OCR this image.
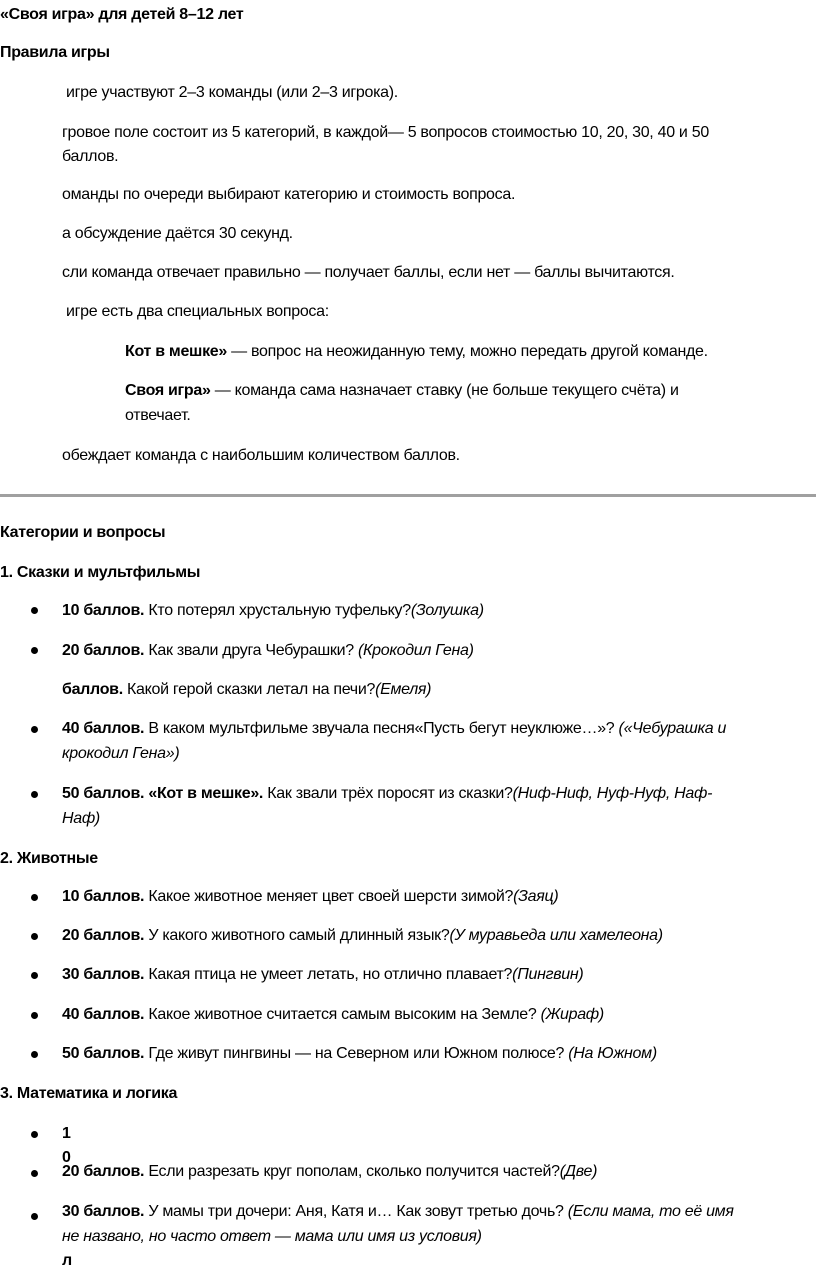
«Своя игра» для детей 8–12 лет
Правила игры
игре участвуют 2–3 команды (или 2–3 игрока).
гровое поле состоит из 5 категорий, в каждой— 5 вопросов стоимостью 10, 20, 30, 40 и 50
баллов.
оманды по очереди выбирают категорию и стоимость вопроса.
а обсуждение даётся 30 секунд.
сли команда отвечает правильно — получает баллы, если нет — баллы вычитаются.
игре есть два специальных вопроса:
Кот в мешке» — вопрос на неожиданную тему, можно передать другой команде.
Своя игра» — команда сама назначает ставку (не больше текущего счёта) и
отвечает.
обеждает команда с наибольшим количеством баллов.
Категории и вопросы
1. Сказки и мультфильмы
10 баллов. Кто потерял хрустальную туфельку?(Золушка)
20 баллов. Как звали друга Чебурашки? (Крокодил Гена)
баллов. Какой герой сказки летал на печи?(Емеля)
40 баллов. В каком мультфильме звучала песня«Пусть бегут неуклюже…»? («Чебурашка и
крокодил Гена»)
50 баллов. «Кот в мешке». Как звали трёх поросят из сказки?(Ниф-Ниф, Нуф-Нуф, Наф-
Наф)
2. Животные
10 баллов. Какое животное меняет цвет своей шерсти зимой?(Заяц)
20 баллов. У какого животного самый длинный язык?(У муравьеда или хамелеона)
30 баллов. Какая птица не умеет летать, но отлично плавает?(Пингвин)
40 баллов. Какое животное считается самым высоким на Земле? (Жираф)
50 баллов. Где живут пингвины — на Северном или Южном полюсе? (На Южном)
3. Математика и логика
1
0
20 баллов. Если разрезать круг пополам, сколько получится частей?(Две)
30 баллов. У мамы три дочери: Аня, Катя и… Как зовут третью дочь? (Если мама, то её имя
не названо, но часто ответ — мама или имя из условия)
л
